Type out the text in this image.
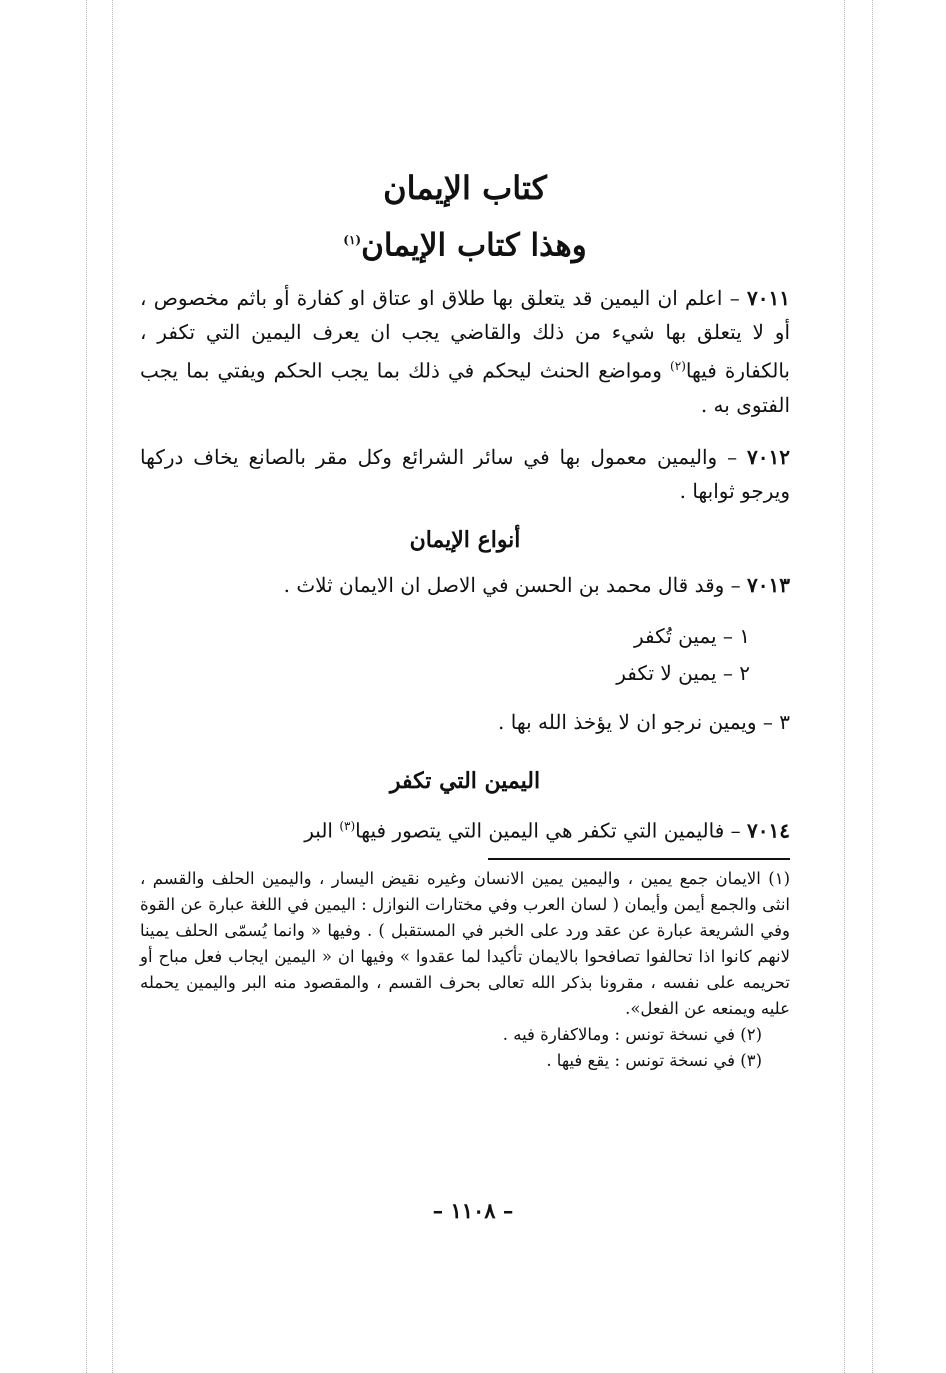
كتاب الإيمان
وهذا كتاب الإيمان$^{(١)}$

٧٠١١ – اعلم ان اليمين قد يتعلق بها طلاق او عتاق او كفارة أو باثم مخصوص ، أو لا يتعلق بها شيء من ذلك والقاضي يجب ان يعرف اليمين التي تكفر ، بالكفارة فيها$^{(٢)}$ ومواضع الحنث ليحكم في ذلك بما يجب الحكم ويفتي بما يجب الفتوى به .

٧٠١٢ – واليمين معمول بها في سائر الشرائع وكل مقر بالصانع يخاف دركها ويرجو ثوابها .

أنواع الإيمان

٧٠١٣ – وقد قال محمد بن الحسن في الاصل ان الايمان ثلاث .

١ – يمين تُكفر
٢ – يمين لا تكفر
٣ – ويمين نرجو ان لا يؤخذ الله بها .
اليمين التي تكفر

٧٠١٤ – فاليمين التي تكفر هي اليمين التي يتصور فيها$^{(٣)}$ البر

(١) الايمان جمع يمين ، واليمين يمين الانسان وغيره نقيض اليسار ، واليمين الحلف والقسم ، انثى والجمع أيمن وأيمان ( لسان العرب وفي مختارات النوازل : اليمين في اللغة عبارة عن القوة وفي الشريعة عبارة عن عقد ورد على الخبر في المستقبل ) . وفيها « وانما يُسمّى الحلف يمينا لانهم كانوا اذا تحالفوا تصافحوا بالايمان تأكيدا لما عقدوا » وفيها ان « اليمين ايجاب فعل مباح أو تحريمه على نفسه ، مقرونا بذكر الله تعالى بحرف القسم ، والمقصود منه البر واليمين يحمله عليه ويمنعه عن الفعل».

(٢) في نسخة تونس : ومالاكفارة فيه .

(٣) في نسخة تونس : يقع فيها .

– ١١٠٨ –
